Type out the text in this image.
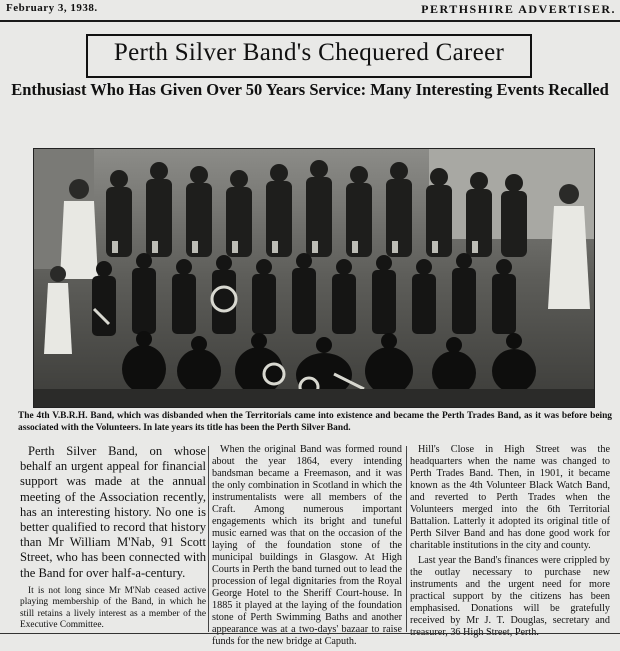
February 3, 1938.	PERTHSHIRE ADVERTISER.
Perth Silver Band's Chequered Career
Enthusiast Who Has Given Over 50 Years Service: Many Interesting Events Recalled
The 4th V.B.R.H. Band, which was disbanded when the Territorials came into existence and became the Perth Trades Band, as it was before being associated with the Volunteers. In late years its title has been the Perth Silver Band.

Perth Silver Band, on whose behalf an urgent appeal for financial support was made at the annual meeting of the Association recently, has an interesting history. No one is better qualified to record that history than Mr William M'Nab, 91 Scott Street, who has been connected with the Band for over half-a-century.

It is not long since Mr M'Nab ceased active playing membership of the Band, in which he still retains a lively interest as a member of the Executive Committee.

When the original Band was formed round about the year 1864, every intending bandsman became a Freemason, and it was the only combination in Scotland in which the instrumentalists were all members of the Craft. Among numerous important engagements which its bright and tuneful music earned was that on the occasion of the laying of the foundation stone of the municipal buildings in Glasgow. At High Courts in Perth the band turned out to lead the procession of legal dignitaries from the Royal George Hotel to the Sheriff Court-house. In 1885 it played at the laying of the foundation stone of Perth Swimming Baths and another appearance was at a two-days' bazaar to raise funds for the new bridge at Caputh.

Hill's Close in High Street was the headquarters when the name was changed to Perth Trades Band. Then, in 1901, it became known as the 4th Volunteer Black Watch Band, and reverted to Perth Trades when the Volunteers merged into the 6th Territorial Battalion. Latterly it adopted its original title of Perth Silver Band and has done good work for charitable institutions in the city and county.

Last year the Band's finances were crippled by the outlay necessary to purchase new instruments and the urgent need for more practical support by the citizens has been emphasised. Donations will be gratefully received by Mr J. T. Douglas, secretary and treasurer, 36 High Street, Perth.
